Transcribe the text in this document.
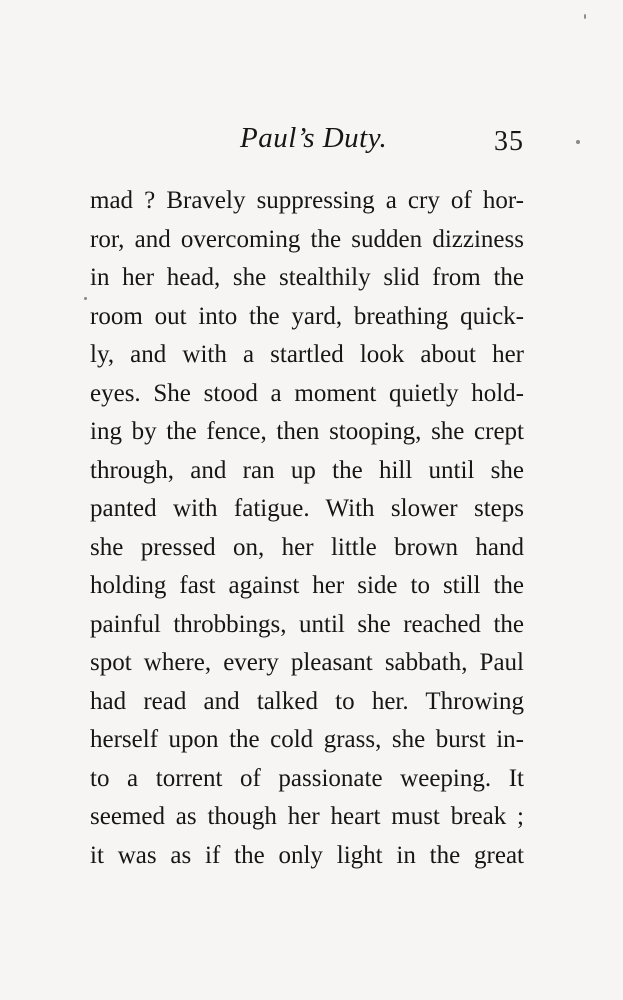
Paul’s Duty.	35
mad ? Bravely suppressing a cry of hor-
ror, and overcoming the sudden dizziness
in her head, she stealthily slid from the
room out into the yard, breathing quick-
ly, and with a startled look about her
eyes. She stood a moment quietly hold-
ing by the fence, then stooping, she crept
through, and ran up the hill until she
panted with fatigue. With slower steps
she pressed on, her little brown hand
holding fast against her side to still the
painful throbbings, until she reached the
spot where, every pleasant sabbath, Paul
had read and talked to her. Throwing
herself upon the cold grass, she burst in-
to a torrent of passionate weeping. It
seemed as though her heart must break ;
it was as if the only light in the great
